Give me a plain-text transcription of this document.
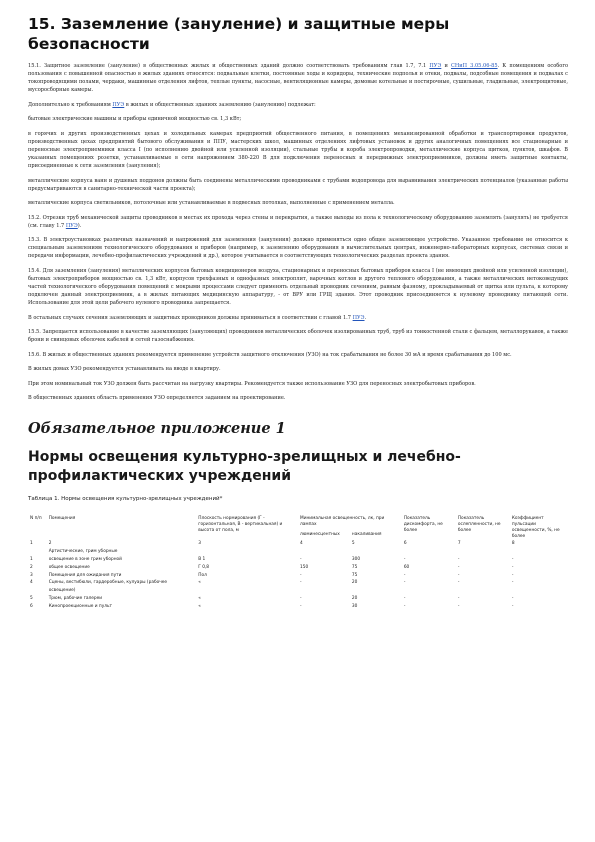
15. Заземление (зануление) и защитные меры безопасности

15.1. Защитное заземление (зануление) в общественных жилых и общественных зданий должно соответствовать требованиям глав 1.7, 7.1 ПУЭ и СНиП 3.05.06-85. К помещениям особого пользования с повышенной опасностью в жилых зданиях относятся: подвальные клетки, постоянные ходы и коридоры, технические подполья и отеки, подвалы, подсобные помещения и подвалах с токопроводящими полами, чердаки, машинные отделения лифтов, теплые пункты, насосные, вентиляционные камеры, домовые котельные и постирочные, сушильные, гладильные, электрощитовые, мусоросборные камеры.

Дополнительно к требованиям ПУЭ в жилых и общественных зданиях заземлению (занулению) подлежат:

бытовые электрические машины и приборы единичной мощностью св. 1,3 кВт;

в горячих и других производственных цехах и холодильных камерах предприятий общественного питания, в помещениях механизированной обработки и транспортировки продуктов, производственных цехах предприятий бытового обслуживания и ППУ, мастерских школ, машинных отделениях лифтовых установок и других аналогичных помещениях все стационарные и переносные электроприемники класса I (по исполнению двойной или усиленной изоляции), стальные трубы и короба электропроводки, металлические корпуса щитков, пунктов, шкафов. В указанных помещениях розетки, устанавливаемые в сети напряжением 380-220 В для подключения переносных и передвижных электроприемников, должны иметь защитные контакты, присоединенные к сети заземления (зануления);

металлические корпуса ванн и душевых поддонов должны быть соединены металлическими проводниками с трубами водопровода для выравнивания электрических потенциалов (указанные работы предусматриваются в санитарно-технической части проекта);

металлические корпуса светильников, потолочные или устанавливаемые в подвесных потолках, выполненные с применением металла.

15.2. Отрезки труб механической защиты проводников в местах их прохода через стены и перекрытия, а также выходы из пола к технологическому оборудованию заземлять (занулять) не требуется (см. главу 1.7 ПУЭ).

15.3. В электроустановках различных назначений и напряжений для заземления (зануления) должно применяться одно общее заземляющее устройство. Указанное требование не относится к специальным заземлениям технологического оборудования и приборов (например, к заземлению оборудования в вычислительных центрах, инженерно-лабораторных корпусах, системах связи и передачи информации, лечебно-профилактических учреждений и др.), которое учитывается в соответствующих технологических разделах проекта здания.

15.4. Для заземления (зануления) металлических корпусов бытовых кондиционеров воздуха, стационарных и переносных бытовых приборов класса I (не имеющих двойной или усиленной изоляции), бытовых электроприборов мощностью св. 1,3 кВт, корпусов трехфазных и однофазных электроплит, варочных котлов и другого теплового оборудования, а также металлических нетоковедущих частей технологического оборудования помещений с мокрыми процессами следует применять отдельный проводник сечением, равным фазному, прокладываемый от щитка или пульта, к которому подключен данный электроприемник, а в жилых питающих медицинскую аппаратуру, - от ВРУ или ГРЩ здания. Этот проводник присоединяется к нулевому проводнику питающей сети. Использование для этой цели рабочего нулевого проводника запрещается.

В остальных случаях сечения заземляющих и защитных проводников должны приниматься в соответствии с главой 1.7 ПУЭ.

15.5. Запрещается использование в качестве заземляющих (зануляющих) проводников металлических оболочек изолированных труб, труб из тонкостенной стали с фальцем, металлорукавов, а также брони и свинцовых оболочек кабелей и сетей газоснабжения.

15.6. В жилых и общественных зданиях рекомендуется применение устройств защитного отключения (УЗО) на ток срабатывания не более 30 мА и время срабатывания до 100 мс.

В жилых домах УЗО рекомендуется устанавливать на вводе в квартиру.

При этом номинальный ток УЗО должен быть рассчитан на нагрузку квартиры. Рекомендуется также использование УЗО для переносных электробытовых приборов.

В общественных зданиях область применения УЗО определяется заданием на проектирование.

Обязательное приложение 1
Нормы освещения культурно-зрелищных и лечебно-профилактических учреждений
Таблица 1. Нормы освещения культурно-зрелищных учреждений*
N п/п	Помещения	Плоскость нормирования (Г - горизонтальная, В - вертикальная) и высота от пола, м	Минимальная освещенность, лк, при лампах		Показатель дискомфорта, не более	Показатель ослепленности, не более	Коэффициент пульсации освещенности, %, не более
			люминесцентных	накаливания			
1	2	3	4	5	6	7	8
	Артистические, грим уборные						
1	освещение в зоне грим уборной	В 1	-	300	-	-	-
2	общее освещение	Г 0,8	150	75	60	-	-
3	Помещения для ожидания пути	Пол	-	75	-	-	-
4	Сцены, вестибюли, гардеробные, кулуары (рабочее освещение)	«	-	20	-	-	-
5	Трюм, рабочие галереи	«	-	20	-	-	-
6	Кинопроекционные и пульт	«	-	30	-	-	-
